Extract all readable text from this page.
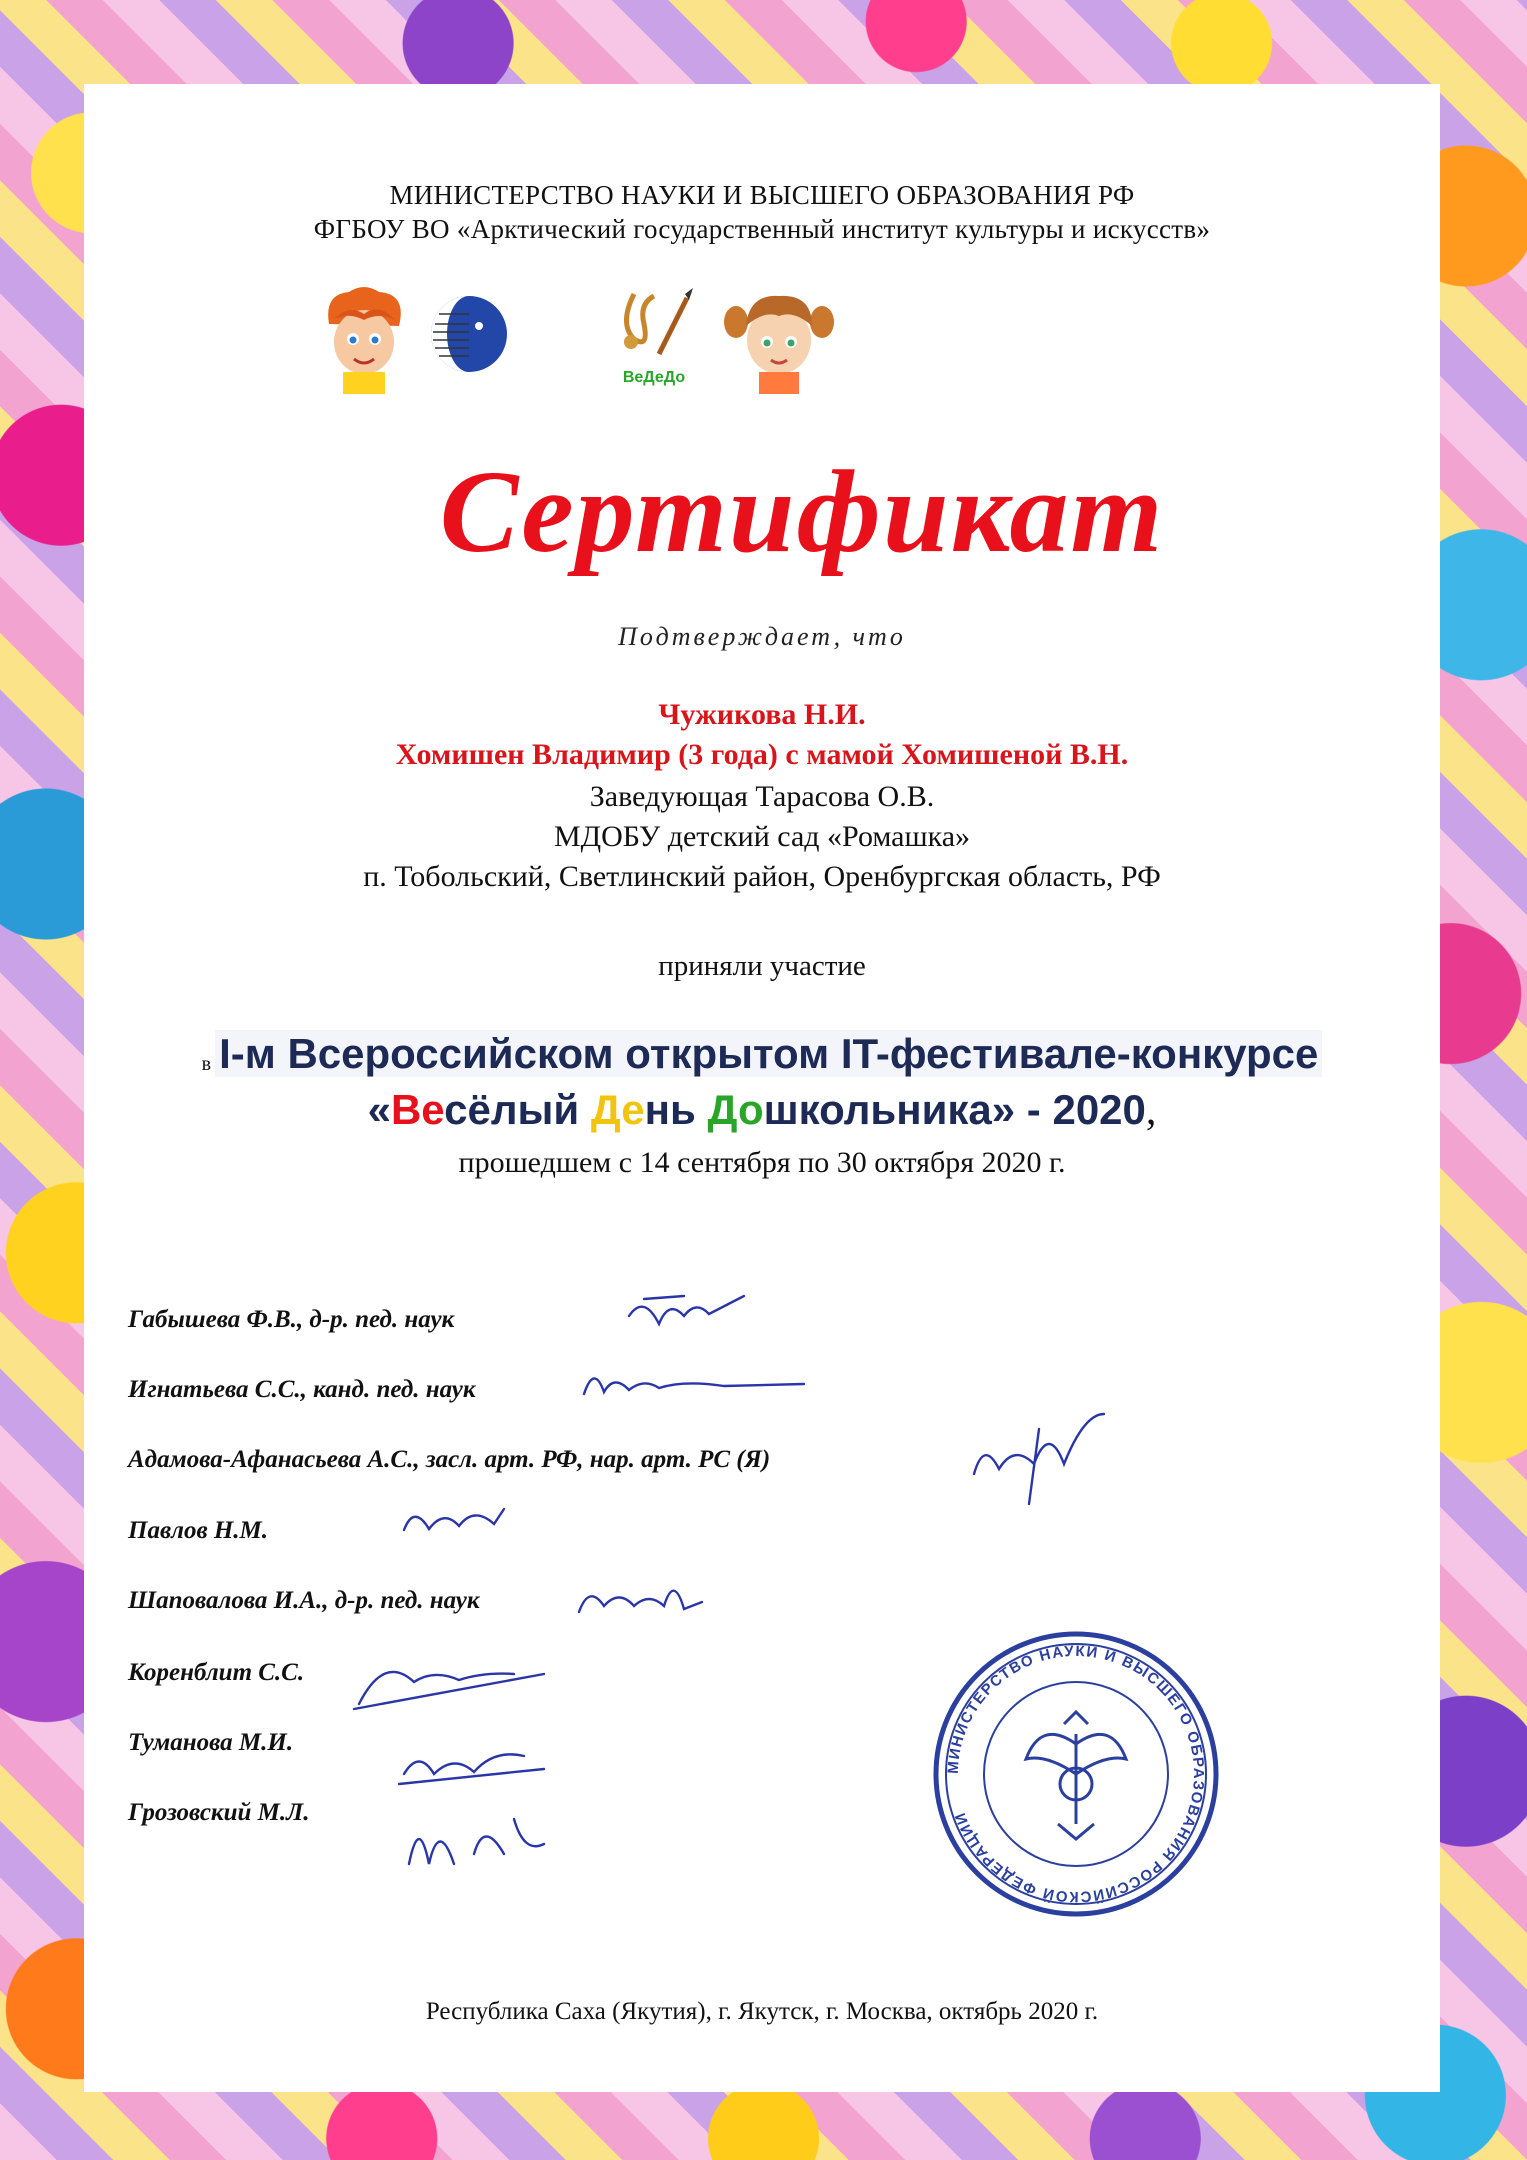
МИНИСТЕРСТВО НАУКИ И ВЫСШЕГО ОБРАЗОВАНИЯ РФ
ФГБОУ ВО «Арктический государственный институт культуры и искусств»
ВеДеДо
Сертификат
Подтверждает, что
Чужикова Н.И.
Хомишен Владимир (3 года) с мамой Хомишеной В.Н.
Заведующая Тарасова О.В.
МДОБУ детский сад «Ромашка»
п. Тобольский, Светлинский район, Оренбургская область, РФ
приняли участие
в I-м Всероссийском открытом IT-фестивале-конкурсе
«Весёлый День Дошкольника» - 2020,
прошедшем с 14 сентября по 30 октября 2020 г.
Габышева Ф.В., д-р. пед. наук
Игнатьева С.С., канд. пед. наук
Адамова-Афанасьева А.С., засл. арт. РФ, нар. арт. РС (Я)
Павлов Н.М.
Шаповалова И.А., д-р. пед. наук
Коренблит С.С.
Туманова М.И.
Грозовский М.Л.
МИНИСТЕРСТВО НАУКИ И ВЫСШЕГО ОБРАЗОВАНИЯ РОССИЙСКОЙ ФЕДЕРАЦИИ
Республика Саха (Якутия), г. Якутск, г. Москва, октябрь 2020 г.
